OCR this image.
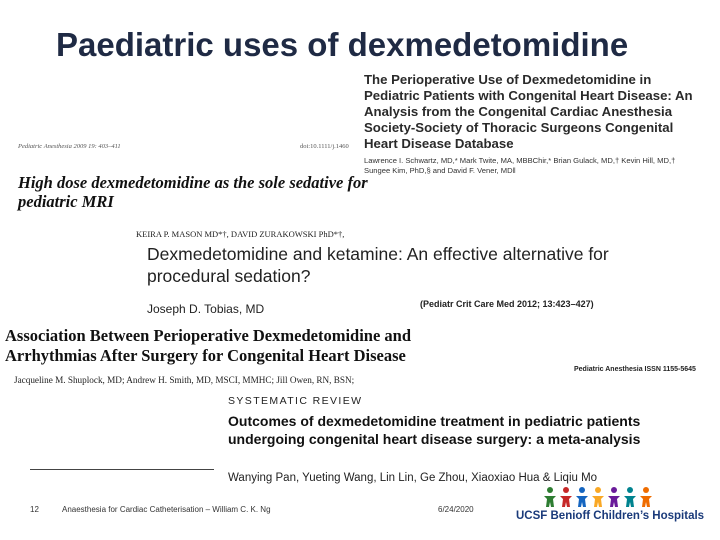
Paediatric uses of dexmedetomidine
The Perioperative Use of Dexmedetomidine in Pediatric Patients with Congenital Heart Disease: An Analysis from the Congenital Cardiac Anesthesia Society-Society of Thoracic Surgeons Congenital Heart Disease Database
Lawrence I. Schwartz, MD,* Mark Twite, MA, MBBChir,* Brian Gulack, MD,† Kevin Hill, MD,† Sungee Kim, PhD,§ and David F. Vener, MD‖
Pediatric Anesthesia 2009 19: 403–411	doi:10.1111/j.1460
High dose dexmedetomidine as the sole sedative for pediatric MRI
KEIRA P. MASON MD*†, DAVID ZURAKOWSKI PhD*†,
Dexmedetomidine and ketamine: An effective alternative for procedural sedation?
Joseph D. Tobias, MD	(Pediatr Crit Care Med 2012; 13:423–427)
Association Between Perioperative Dexmedetomidine and Arrhythmias After Surgery for Congenital Heart Disease
Jacqueline M. Shuplock, MD; Andrew H. Smith, MD, MSCI, MMHC; Jill Owen, RN, BSN;
Pediatric Anesthesia ISSN 1155-5645
SYSTEMATIC REVIEW
Outcomes of dexmedetomidine treatment in pediatric patients undergoing congenital heart disease surgery: a meta-analysis
Wanying Pan, Yueting Wang, Lin Lin, Ge Zhou, Xiaoxiao Hua & Liqiu Mo
12	Anaesthesia for Cardiac Catheterisation – William C. K. Ng	6/24/2020
UCSF Benioff Children’s Hospitals
